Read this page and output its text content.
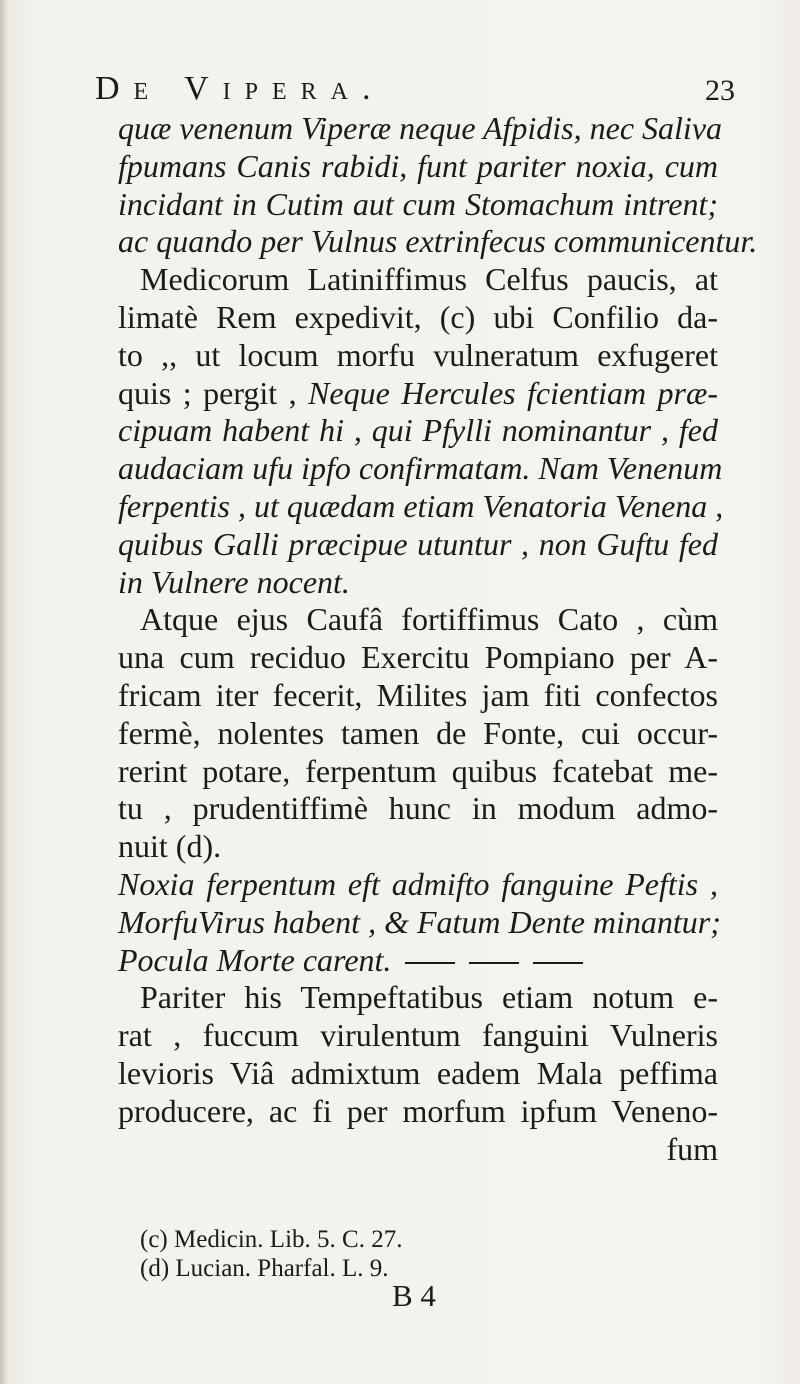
De Vipera.	23
quæ venenum Viperæ neque Afpidis, nec Saliva
fpumans Canis rabidi, funt pariter noxia, cum
incidant in Cutim aut cum Stomachum intrent;
ac quando per Vulnus extrinfecus communicentur.
Medicorum Latiniffimus Celfus paucis, at
limatè Rem expedivit, (c) ubi Confilio da-
to ,, ut locum morfu vulneratum exfugeret
quis ; pergit , Neque Hercules fcientiam præ-
cipuam habent hi , qui Pfylli nominantur , fed
audaciam ufu ipfo confirmatam. Nam Venenum
ferpentis , ut quædam etiam Venatoria Venena ,
quibus Galli præcipue utuntur , non Guftu fed
in Vulnere nocent.
Atque ejus Caufâ fortiffimus Cato , cùm
una cum reciduo Exercitu Pompiano per A-
fricam iter fecerit, Milites jam fiti confectos
fermè, nolentes tamen de Fonte, cui occur-
rerint potare, ferpentum quibus fcatebat me-
tu , prudentiffimè hunc in modum admo-
nuit (d).
Noxia ferpentum eft admifto fanguine Peftis ,
MorfuVirus habent , & Fatum Dente minantur;
Pocula Morte carent.
Pariter his Tempeftatibus etiam notum e-
rat , fuccum virulentum fanguini Vulneris
levioris Viâ admixtum eadem Mala peffima
producere, ac fi per morfum ipfum Veneno-
fum
(c) Medicin. Lib. 5. C. 27.
(d) Lucian. Pharfal. L. 9.
B 4
